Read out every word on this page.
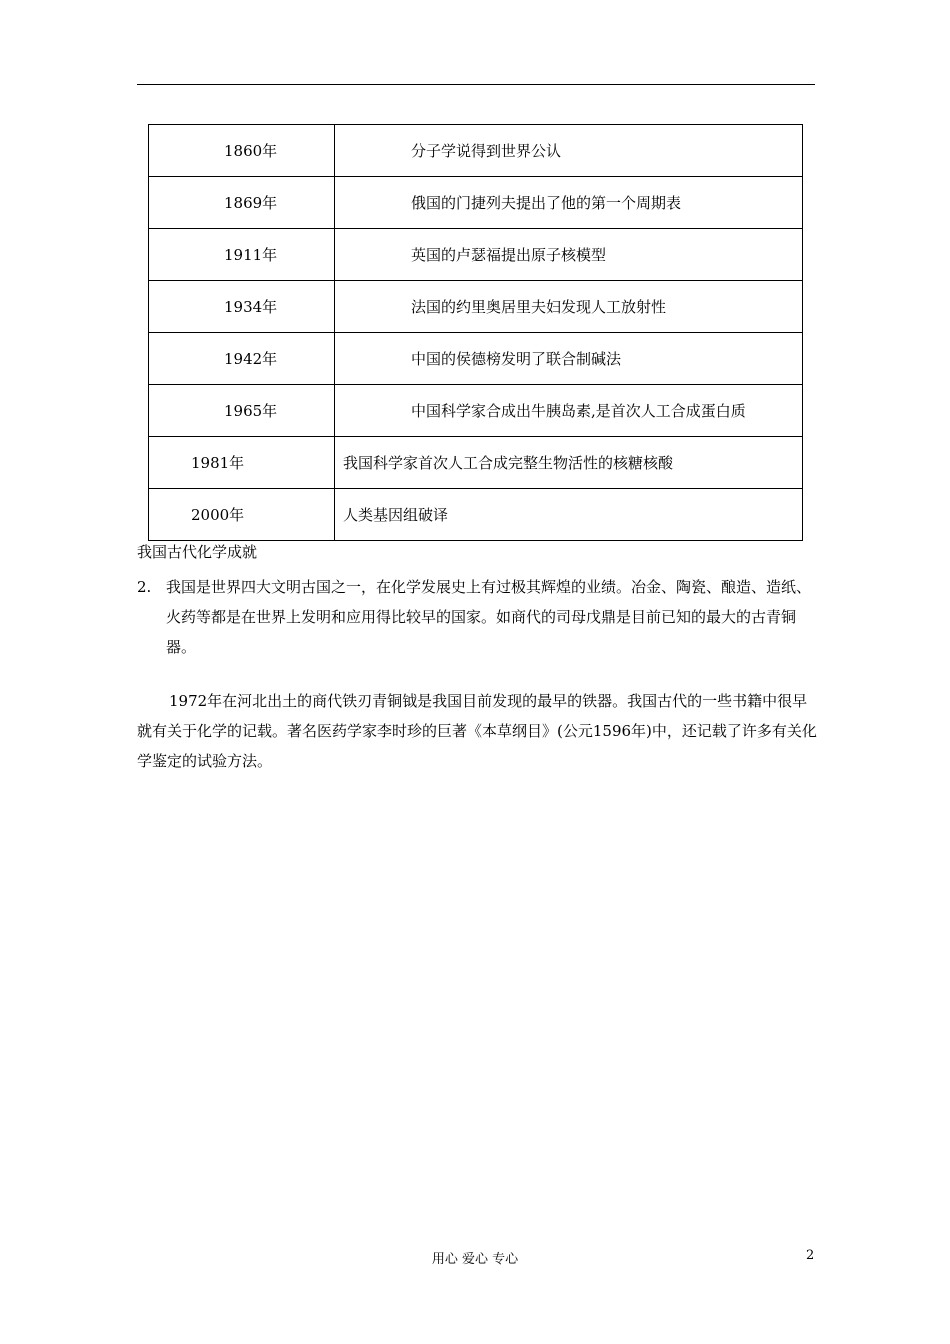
1860年	分子学说得到世界公认
1869年	俄国的门捷列夫提出了他的第一个周期表
1911年	英国的卢瑟福提出原子核模型
1934年	法国的约里奥居里夫妇发现人工放射性
1942年	中国的侯德榜发明了联合制碱法
1965年	中国科学家合成出牛胰岛素,是首次人工合成蛋白质
1981年	我国科学家首次人工合成完整生物活性的核糖核酸
2000年	人类基因组破译
我国古代化学成就
2. 我国是世界四大文明古国之一，在化学发展史上有过极其辉煌的业绩。冶金、陶瓷、酿造、造纸、火药等都是在世界上发明和应用得比较早的国家。如商代的司母戊鼎是目前已知的最大的古青铜器。
1972年在河北出土的商代铁刃青铜钺是我国目前发现的最早的铁器。我国古代的一些书籍中很早就有关于化学的记载。著名医药学家李时珍的巨著《本草纲目》(公元1596年)中，还记载了许多有关化学鉴定的试验方法。
用心 爱心 专心	2
